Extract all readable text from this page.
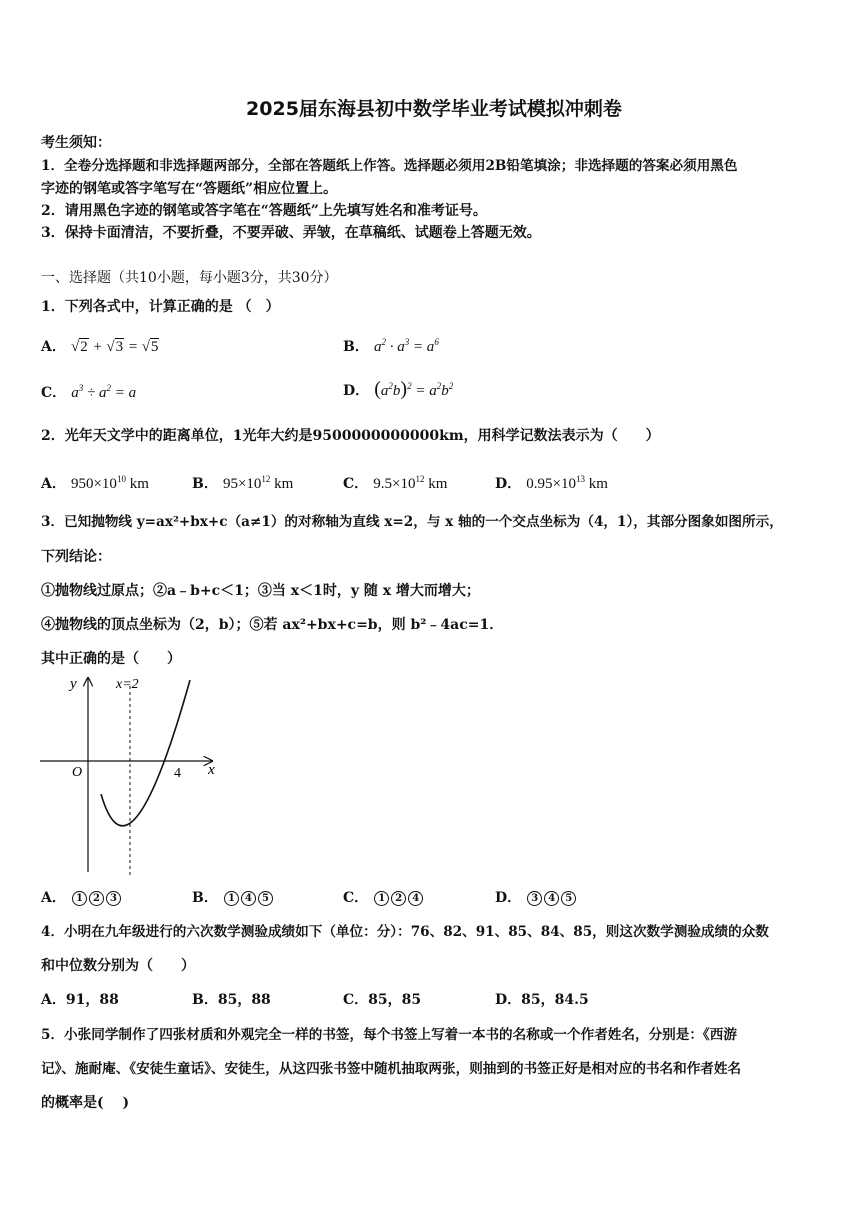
2025届东海县初中数学毕业考试模拟冲刺卷
考生须知：
1．全卷分选择题和非选择题两部分，全部在答题纸上作答。选择题必须用2B铅笔填涂；非选择题的答案必须用黑色
字迹的钢笔或答字笔写在“答题纸”相应位置上。
2．请用黑色字迹的钢笔或答字笔在“答题纸”上先填写姓名和准考证号。
3．保持卡面清洁，不要折叠，不要弄破、弄皱，在草稿纸、试题卷上答题无效。
一、选择题（共10小题，每小题3分，共30分）
1．下列各式中，计算正确的是 （　）
A． √2 + √3 = √5	B． $a^2 \cdot a^3 = a^6$
C． $a^3 \div a^2 = a$	D． $(a^2b)^2 = a^2b^2$
2．光年天文学中的距离单位，1光年大约是9500000000000km，用科学记数法表示为（　　）
A． $950\times 10^{10}$ km	B． $95\times 10^{12}$ km	C． $9.5\times 10^{12}$ km	D． $0.95\times 10^{13}$ km
3．已知抛物线 y=ax²+bx+c（a≠1）的对称轴为直线 x=2，与 x 轴的一个交点坐标为（4，1），其部分图象如图所示，
下列结论：
①抛物线过原点；②a﹣b+c＜1；③当 x＜1时，y 随 x 增大而增大；
④抛物线的顶点坐标为（2，b）；⑤若 ax²+bx+c=b，则 b²﹣4ac=1．
其中正确的是（　　）
y	x=2
O	4 x
A． 1 2 3	B． 1 4 5	C． 1 2 4	D． 3 4 5
4．小明在九年级进行的六次数学测验成绩如下（单位：分）：76、82、91、85、84、85，则这次数学测验成绩的众数
和中位数分别为（　　）
A．91，88	B．85，88	C．85，85	D．85，84.5
5．小张同学制作了四张材质和外观完全一样的书签，每个书签上写着一本书的名称或一个作者姓名，分别是：《西游
记》、施耐庵、《安徒生童话》、安徒生，从这四张书签中随机抽取两张，则抽到的书签正好是相对应的书名和作者姓名
的概率是(　 )
